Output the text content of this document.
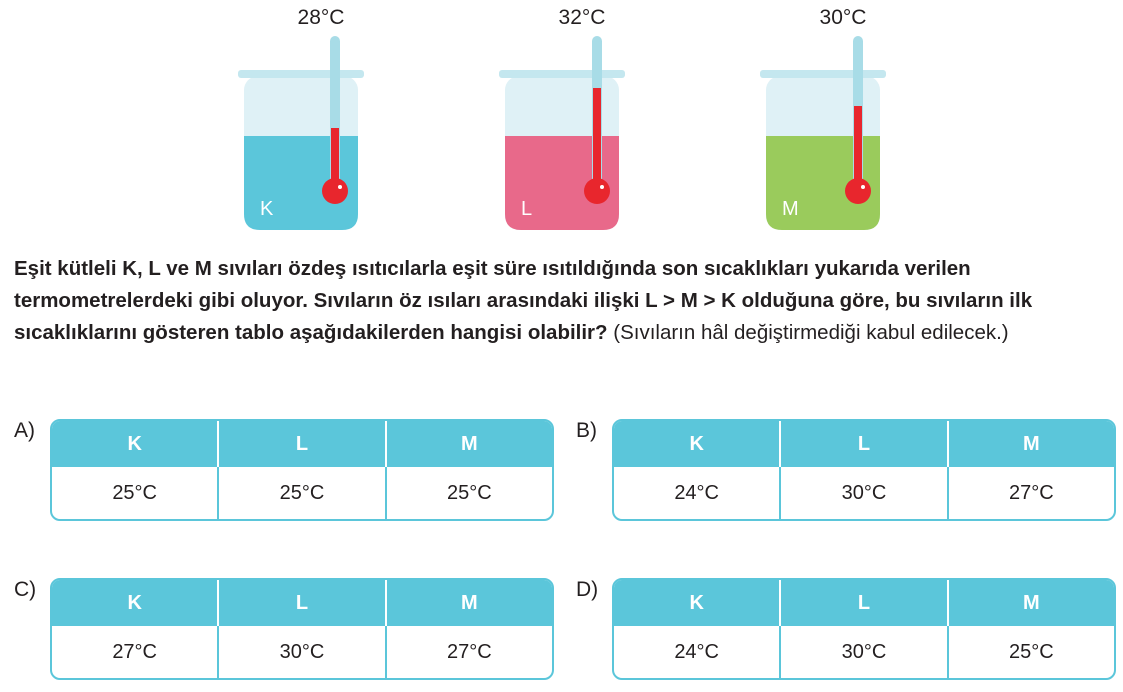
28°C
K
32°C
L
30°C
M
Eşit kütleli K, L ve M sıvıları özdeş ısıtıcılarla eşit süre ısıtıldığında son sıcaklıkları yukarıda verilen termometrelerdeki gibi oluyor. Sıvıların öz ısıları arasındaki ilişki L > M > K olduğuna göre, bu sıvıların ilk sıcaklıklarını gösteren tablo aşağıdakilerden hangisi olabilir? (Sıvıların hâl değiştirmediği kabul edilecek.)
A)
K	L	M
25°C	25°C	25°C
B)
K	L	M
24°C	30°C	27°C
C)
K	L	M
27°C	30°C	27°C
D)
K	L	M
24°C	30°C	25°C
